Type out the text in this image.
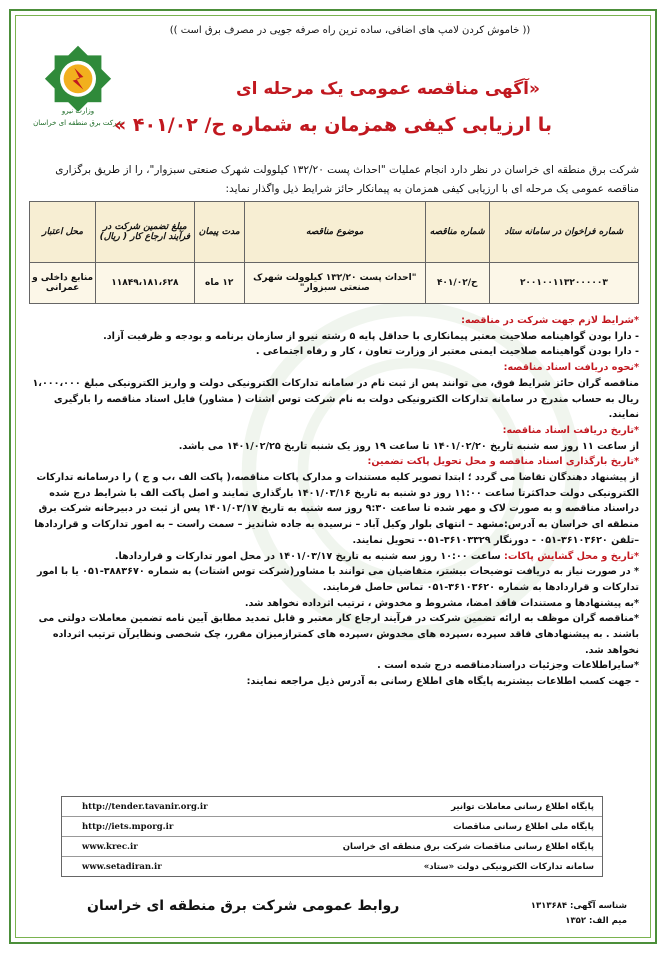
(( خاموش کردن لامپ های اضافی، ساده ترین راه صرفه جویی در مصرف برق است ))
وزارت نیرو
شرکت برق منطقه ای خراسان
«آگهی مناقصه عمومی یک مرحله ای
با ارزیابی کیفی همزمان به شماره ح/ ۴۰۱/۰۲ »
شرکت برق منطقه ای خراسان در نظر دارد انجام عملیات "احداث پست ۱۳۲/۲۰ کیلوولت شهرک صنعتی سبزوار"، را از طریق برگزاری مناقصه عمومی یک مرحله ای با ارزیابی کیفی همزمان به پیمانکار حائز شرایط ذیل واگذار نماید:
شماره فراخوان در سامانه ستاد	شماره مناقصه	موضوع مناقصه	مدت پیمان	مبلغ تضمین شرکت در فرآیند ارجاع کار ( ریال)	محل اعتبار
۲۰۰۱۰۰۱۱۳۲۰۰۰۰۰۳	ح/۴۰۱/۰۲	"احداث پست ۱۳۲/۲۰ کیلوولت شهرک صنعتی سبزوار"	۱۲ ماه	۱۱۸۴۹،۱۸۱،۶۲۸	منابع داخلی و عمرانی

*شرایط لازم جهت شرکت در مناقصه:

- دارا بودن گواهینامه صلاحیت معتبر پیمانکاری با حداقل پایه ۵ رشته نیرو از سازمان برنامه و بودجه و ظرفیت آزاد.

- دارا بودن گواهینامه صلاحیت ایمنی معتبر از وزارت تعاون ، کار و رفاه اجتماعی .

*نحوه دریافت اسناد مناقصه:

مناقصه گران حائز شرایط فوق، می توانند پس از ثبت نام در سامانه تدارکات الکترونیکی دولت و واریز الکترونیکی مبلغ ۱،۰۰۰،۰۰۰ ریال به حساب مندرج در سامانه تدارکات الکترونیکی دولت به نام شرکت توس اشتات ( مشاور) فایل اسناد مناقصه را بارگیری نمایند.

*تاریخ دریافت اسناد مناقصه:

از ساعت ۱۱ روز سه شنبه تاریخ ۱۴۰۱/۰۲/۲۰ تا ساعت ۱۹ روز یک شنبه تاریخ ۱۴۰۱/۰۲/۲۵ می باشد.

*تاریخ بارگذاری اسناد مناقصه و محل تحویل پاکت تضمین:

از پیشنهاد دهندگان تقاضا می گردد ؛ ابتدا تصویر کلیه مستندات و مدارک پاکات مناقصه،( پاکت الف ،ب و ج ) را درسامانه تدارکات الکترونیکی دولت حداکثرتا ساعت ۱۱:۰۰ روز دو شنبه به تاریخ ۱۴۰۱/۰۳/۱۶ بارگذاری نمایند و اصل پاکت الف با شرایط درج شده دراسناد مناقصه و به صورت لاک و مهر شده تا ساعت ۹:۳۰ روز سه شنبه به تاریخ ۱۴۰۱/۰۳/۱۷ پس از ثبت در دبیرخانه شرکت برق منطقه ای خراسان به آدرس:مشهد – انتهای بلوار وکیل آباد – نرسیده به جاده شاندیز – سمت راست – به امور تدارکات و قراردادها –تلفن ۳۶۱۰۳۶۲۰-۰۵۱ - دورنگار ۳۶۱۰۳۳۲۹-۰۵۱- تحویل نمایند.

*تاریخ و محل گشایش پاکات: ساعت ۱۰:۰۰ روز سه شنبه به تاریخ ۱۴۰۱/۰۳/۱۷ در محل امور تدارکات و قراردادها.

* در صورت نیاز به دریافت توضیحات بیشتر، متقاضیان می توانند با مشاور(شرکت توس اشتات) به شماره ۳۸۸۳۶۷۰-۰۵۱ یا با امور تدارکات و قراردادها به شماره ۳۶۱۰۳۶۲۰-۰۵۱ تماس حاصل فرمایند.

*به پیشنهادها و مستندات فاقد امضا، مشروط و مخدوش ، ترتیب اثرداده نخواهد شد.

*مناقصه گران موظف به ارائه تضمین شرکت در فرآیند ارجاع کار معتبر و قابل تمدید مطابق آیین نامه تضمین معاملات دولتی می باشند . به پیشنهادهای فاقد سپرده ،سپرده های مخدوش ،سپرده های کمترازمیزان مقرر، چک شخصی ونظایرآن ترتیب اثرداده نخواهد شد.

*سایراطلاعات وجزئیات دراسنادمناقصه درج شده است .

- جهت کسب اطلاعات بیشتربه پایگاه های اطلاع رسانی به آدرس ذیل مراجعه نمایند:

پایگاه اطلاع رسانی معاملات توانیر
http://tender.tavanir.org.ir
پایگاه ملی اطلاع رسانی مناقصات
http://iets.mporg.ir
پایگاه اطلاع رسانی مناقصات شرکت برق منطقه ای خراسان
www.krec.ir
سامانه تدارکات الکترونیکی دولت «ستاد»
www.setadiran.ir
روابط عمومی شرکت برق منطقه ای خراسان	شناسه آگهی: ۱۳۱۳۶۸۴
میم الف: ۱۳۵۲
